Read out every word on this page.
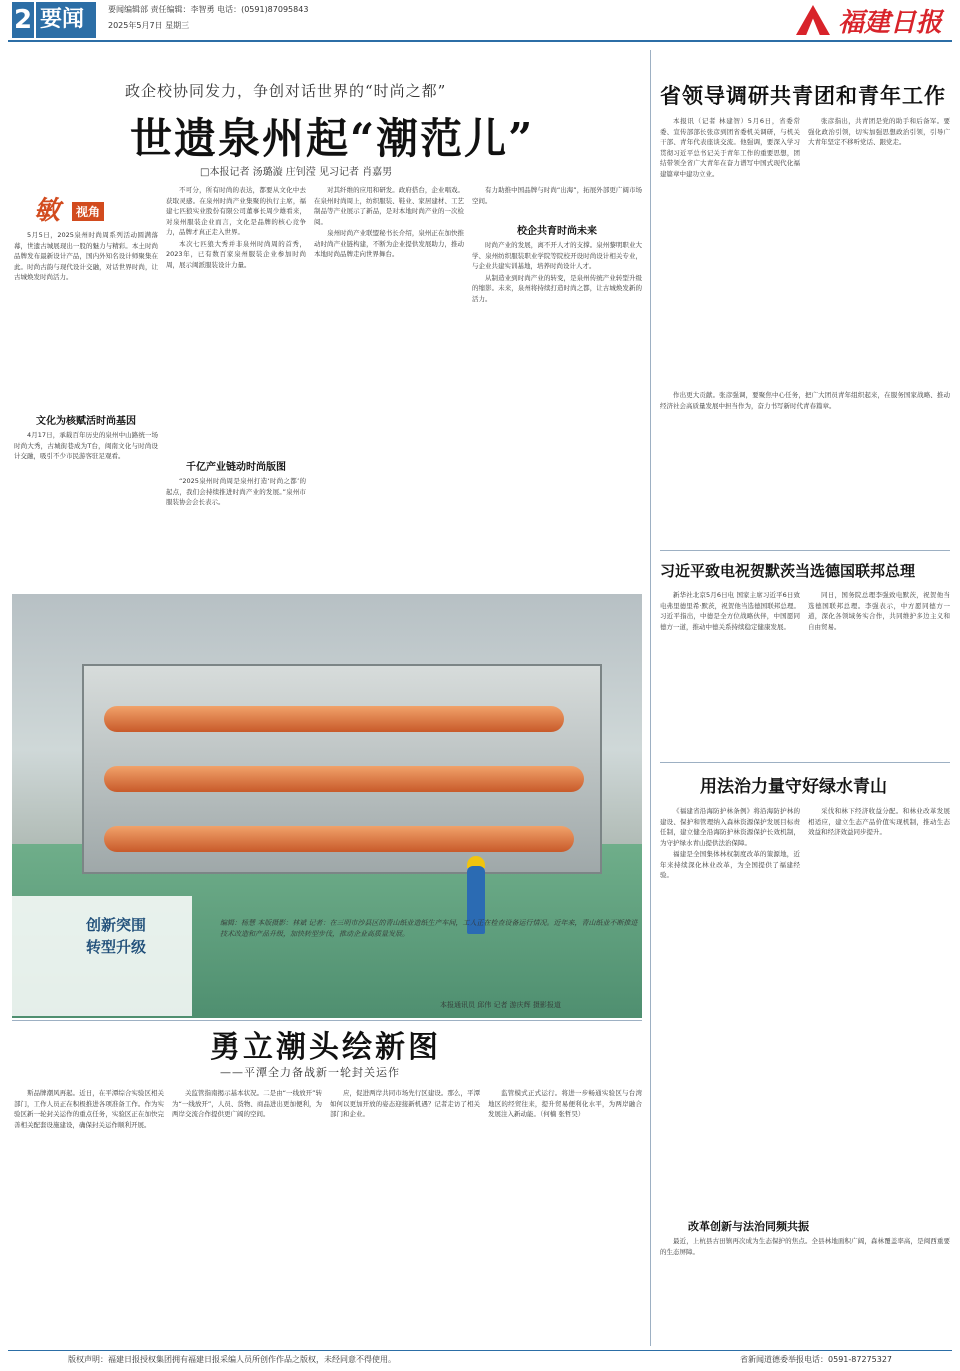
2 要闻	要闻编辑部 责任编辑：李智勇 电话：(0591)87095843
2025年5月7日 星期三	福建日报
政企校协同发力，争创对话世界的“时尚之都”
世遗泉州起“潮范儿”
□本报记者 汤璐漩 庄钊滢 见习记者 肖嘉男
敏	视角

5月5日，2025泉州时尚周系列活动圆满落幕，世遗古城展现出一股的魅力与精彩。本土时尚品牌发布最新设计产品，国内外知名设计师聚集在此。时尚古韵与现代设计交融，对话世界时尚，让古城焕发时尚活力。

文化为核赋活时尚基因

4月17日，承载百年历史的泉州中山路统一场时尚大秀，古城街巷成为T台，闽南文化与时尚设计交融，吸引不少市民游客驻足观看。

不可分，所有时尚的表达，都要从文化中去获取灵感。在泉州时尚产业集聚的执行主席，福建七匹狼实业股份有限公司董事长周少雄看来，对泉州服装企业而言，文化是品牌的核心竞争力，品牌才真正走入世界。

本次七匹狼大秀并非泉州时尚周的首秀，2023年，已有数百家泉州服装企业参加时尚周，展示闽派服装设计力量。

千亿产业链动时尚版图

“2025泉州时尚周是泉州打造‘时尚之都’的起点，我们会持续推进时尚产业的发展。”泉州市服装协会会长表示。

对其纤维的应用和研发。政府搭台，企业唱戏。在泉州时尚周上，纺织服装、鞋业、家居建材、工艺制品等产业展示了新品，是对本地时尚产业的一次检阅。

泉州时尚产业联盟秘书长介绍，泉州正在加快推动时尚产业链构建，不断为企业提供发展助力，推动本地时尚品牌走向世界舞台。

有力助推中国品牌与时尚“出海”，拓展外部更广阔市场空间。

校企共育时尚未来

时尚产业的发展，离不开人才的支撑。泉州黎明职业大学、泉州纺织服装职业学院等院校开设时尚设计相关专业，与企业共建实训基地，培养时尚设计人才。

从制造业到时尚产业的转变，是泉州传统产业转型升级的缩影。未来，泉州将持续打造时尚之都，让古城焕发新的活力。

创新突围
转型升级
编辑：杨慧 本版摄影：林斌 记者：在三明市沙县区的青山纸业造纸生产车间，工人正在检查设备运行情况。近年来，青山纸业不断推进技术改造和产品升级，加快转型步伐，推动企业高质量发展。
本报通讯员 邱伟 记者 游庆辉 摄影报道
勇立潮头绘新图
——平潭全力备战新一轮封关运作

斯品牌潮风再起。近日，在平潭综合实验区相关部门，工作人员正在积极推进各项准备工作。作为实验区新一轮封关运作的重点任务，实验区正在加快完善相关配套设施建设，确保封关运作顺利开展。

关监管指南揭示基本状况。二是由“一线放开”转为“一线放开”，人员、货物、商品进出更加便利，为两岸交流合作提供更广阔的空间。

应，促进两岸共同市场先行区建设。那么，平潭如何以更加开放的姿态迎接新机遇？记者走访了相关部门和企业。

监管模式正式运行。将进一步畅通实验区与台湾地区的经贸往来，提升贸易便利化水平，为两岸融合发展注入新动能。（何楠 张哲昊）

省领导调研共青团和青年工作

本报讯（记者 林建智）5月6日，省委常委、宣传部部长张彦到团省委机关调研，与机关干部、青年代表座谈交流。他强调，要深入学习贯彻习近平总书记关于青年工作的重要思想，团结带领全省广大青年在奋力谱写中国式现代化福建篇章中建功立业。

张彦指出，共青团是党的助手和后备军。要强化政治引领，切实加强思想政治引领，引导广大青年坚定不移听党话、跟党走。

作出更大贡献。张彦强调，要聚焦中心任务，把广大团员青年组织起来，在服务国家战略、推动经济社会高质量发展中担当作为，奋力书写新时代青春篇章。

习近平致电祝贺默茨当选德国联邦总理

新华社北京5月6日电 国家主席习近平6日致电弗里德里希·默茨，祝贺他当选德国联邦总理。习近平指出，中德是全方位战略伙伴，中国愿同德方一道，推动中德关系持续稳定健康发展。

同日，国务院总理李强致电默茨，祝贺他当选德国联邦总理。李强表示，中方愿同德方一道，深化各领域务实合作，共同维护多边主义和自由贸易。

用法治力量守好绿水青山

《福建省沿海防护林条例》将沿海防护林的建设、保护和管理纳入森林资源保护发展目标责任制，建立健全沿海防护林资源保护长效机制，为守护绿水青山提供法治保障。

福建是全国集体林权制度改革的策源地，近年来持续深化林业改革，为全国提供了福建经验。

采伐和林下经济收益分配。和林业改革发展相适应，建立生态产品价值实现机制，推动生态效益和经济效益同步提升。

改革创新与法治同频共振

最近，上杭县古田镇再次成为生态保护的焦点。全县林地面积广阔，森林覆盖率高，是闽西重要的生态屏障。

版权声明：福建日报授权集团拥有福建日报采编人员所创作作品之版权，未经同意不得使用。	省新闻道德委举报电话：0591-87275327
